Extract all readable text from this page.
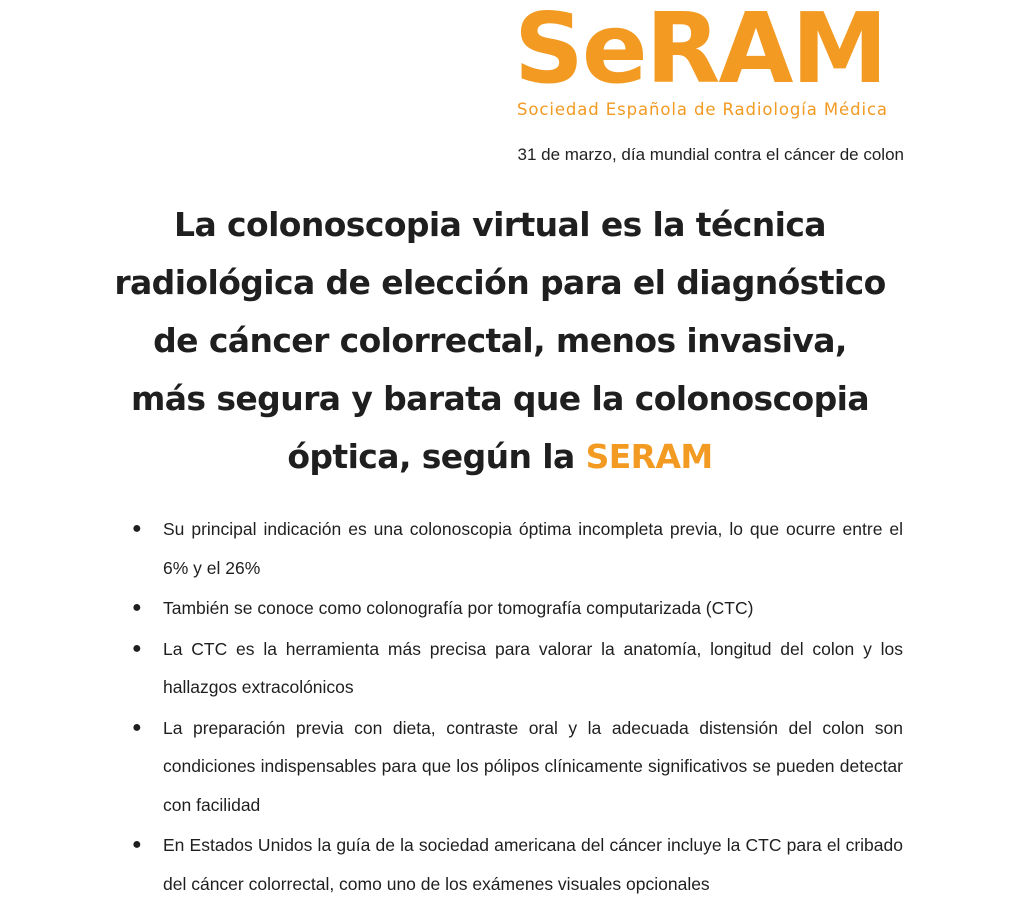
SeRAM
Sociedad Española de Radiología Médica
31 de marzo, día mundial contra el cáncer de colon
La colonoscopia virtual es la técnica
radiológica de elección para el diagnóstico
de cáncer colorrectal, menos invasiva,
más segura y barata que la colonoscopia
óptica, según la SERAM
● Su principal indicación es una colonoscopia óptima incompleta previa, lo que ocurre entre el 6% y el 26%
● También se conoce como colonografía por tomografía computarizada (CTC)
● La CTC es la herramienta más precisa para valorar la anatomía, longitud del colon y los hallazgos extracolónicos
● La preparación previa con dieta, contraste oral y la adecuada distensión del colon son condiciones indispensables para que los pólipos clínicamente significativos se pueden detectar con facilidad
● En Estados Unidos la guía de la sociedad americana del cáncer incluye la CTC para el cribado del cáncer colorrectal, como uno de los exámenes visuales opcionales
